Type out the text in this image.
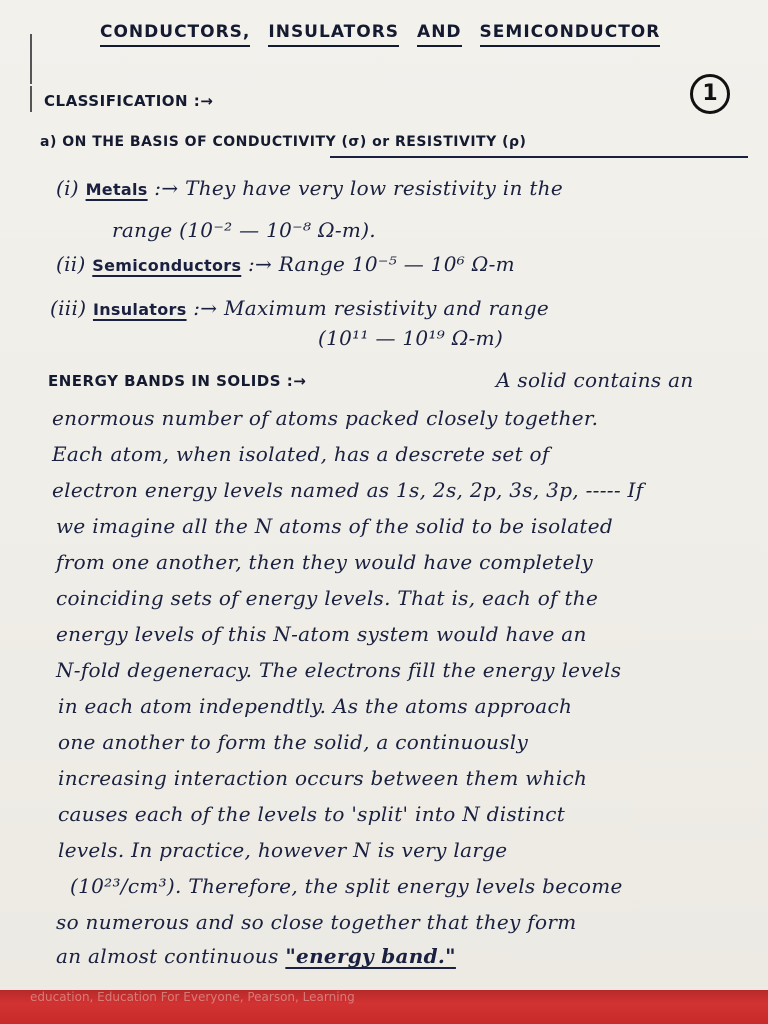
CONDUCTORS, INSULATORS AND SEMICONDUCTOR
1
CLASSIFICATION :→
a) ON THE BASIS OF CONDUCTIVITY (σ) or RESISTIVITY (ρ)
(i) Metals :→ They have very low resistivity in the
range (10⁻² — 10⁻⁸ Ω-m).
(ii) Semiconductors :→ Range 10⁻⁵ — 10⁶ Ω-m
(iii) Insulators :→ Maximum resistivity and range
(10¹¹ — 10¹⁹ Ω-m)
ENERGY BANDS IN SOLIDS :→	A solid contains an
enormous number of atoms packed closely together.
Each atom, when isolated, has a descrete set of
electron energy levels named as 1s, 2s, 2p, 3s, 3p, ----- If
we imagine all the N atoms of the solid to be isolated
from one another, then they would have completely
coinciding sets of energy levels. That is, each of the
energy levels of this N-atom system would have an
N-fold degeneracy. The electrons fill the energy levels
in each atom independtly. As the atoms approach
one another to form the solid, a continuously
increasing interaction occurs between them which
causes each of the levels to 'split' into N distinct
levels. In practice, however N is very large
(10²³/cm³). Therefore, the split energy levels become
so numerous and so close together that they form
an almost continuous "energy band."
education, Education For Everyone, Pearson, Learning
